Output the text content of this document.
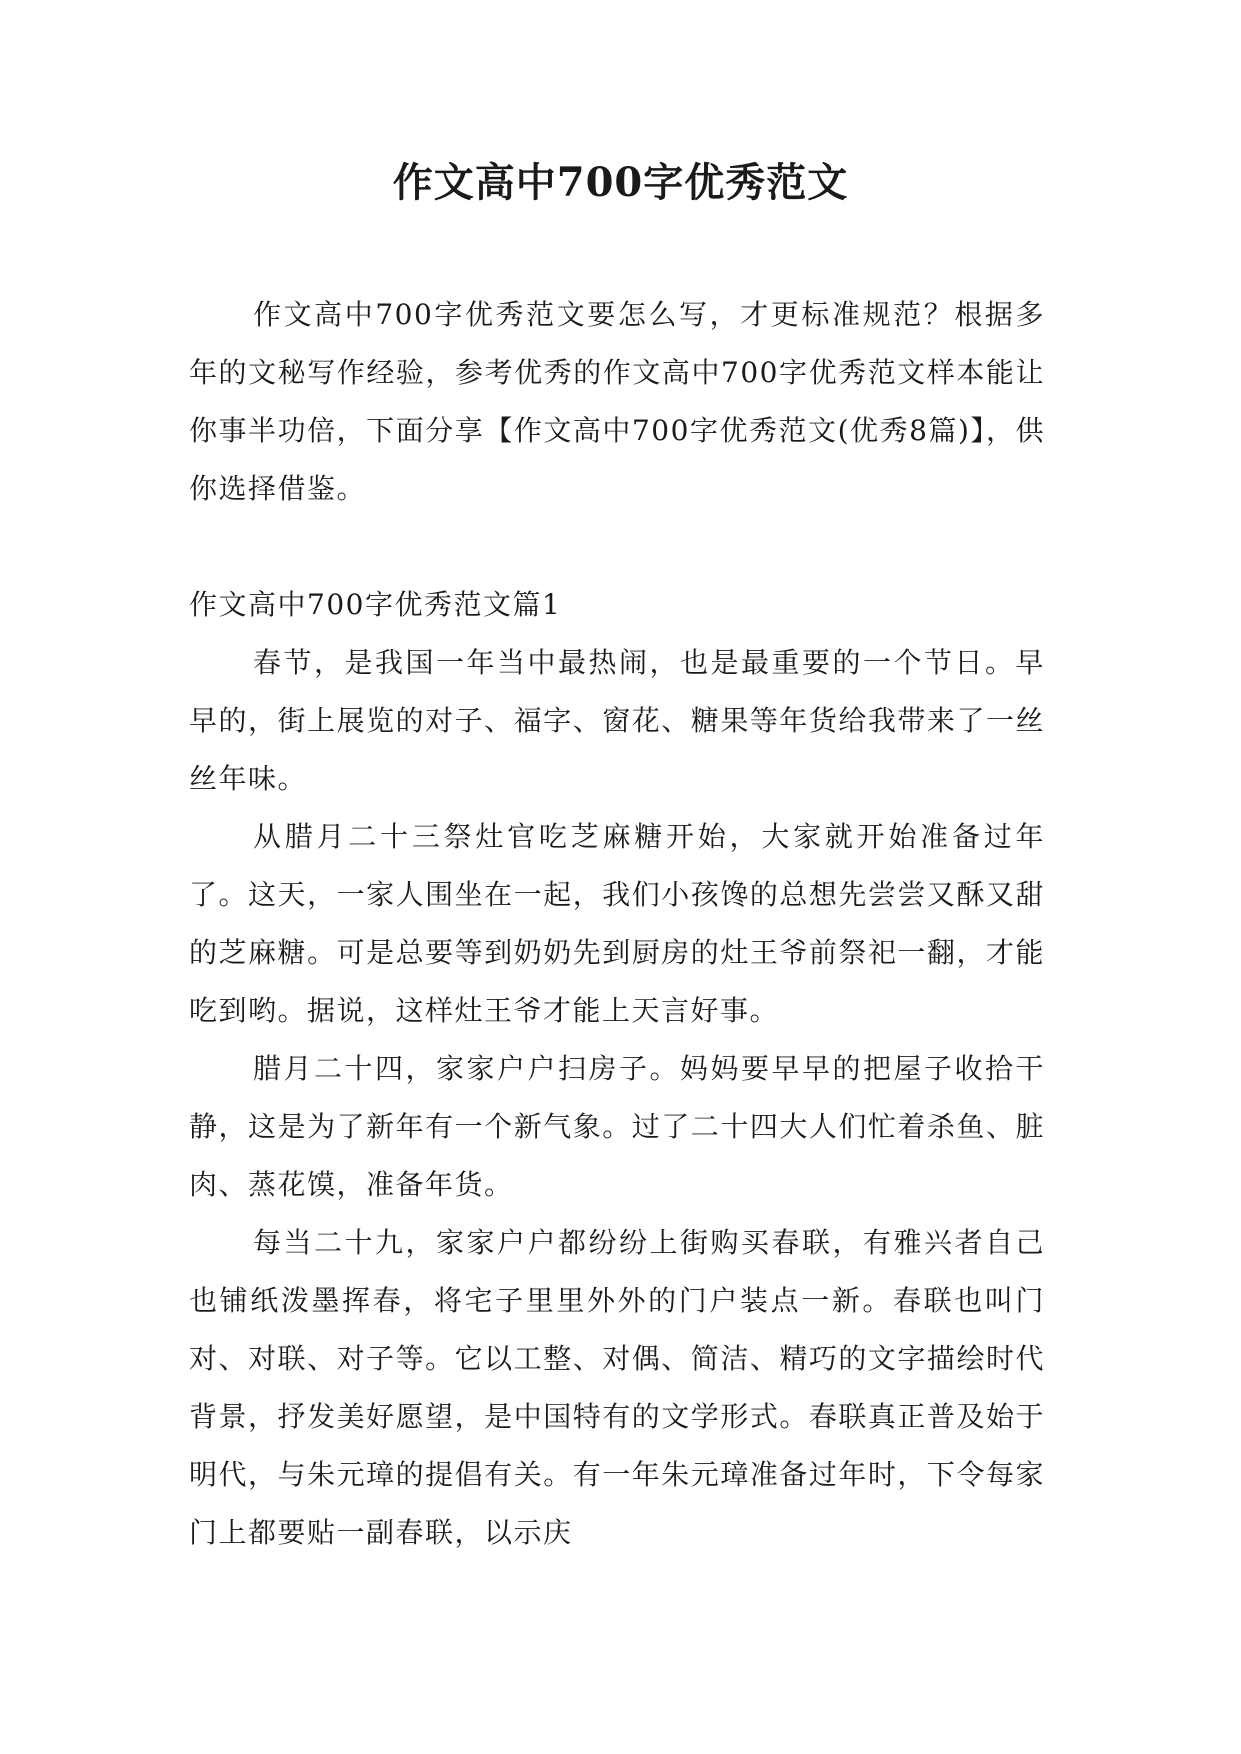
作文高中700字优秀范文

作文高中700字优秀范文要怎么写，才更标准规范？根据多年的文秘写作经验，参考优秀的作文高中700字优秀范文样本能让你事半功倍，下面分享【作文高中700字优秀范文(优秀8篇)】，供你选择借鉴。

作文高中700字优秀范文篇1

春节，是我国一年当中最热闹，也是最重要的一个节日。早早的，街上展览的对子、福字、窗花、糖果等年货给我带来了一丝丝年味。

从腊月二十三祭灶官吃芝麻糖开始，大家就开始准备过年了。这天，一家人围坐在一起，我们小孩馋的总想先尝尝又酥又甜的芝麻糖。可是总要等到奶奶先到厨房的灶王爷前祭祀一翻，才能吃到哟。据说，这样灶王爷才能上天言好事。

腊月二十四，家家户户扫房子。妈妈要早早的把屋子收拾干静，这是为了新年有一个新气象。过了二十四大人们忙着杀鱼、脏肉、蒸花馍，准备年货。

每当二十九，家家户户都纷纷上街购买春联，有雅兴者自己也铺纸泼墨挥春，将宅子里里外外的门户装点一新。春联也叫门对、对联、对子等。它以工整、对偶、简洁、精巧的文字描绘时代背景，抒发美好愿望，是中国特有的文学形式。春联真正普及始于明代，与朱元璋的提倡有关。有一年朱元璋准备过年时，下令每家门上都要贴一副春联，以示庆
